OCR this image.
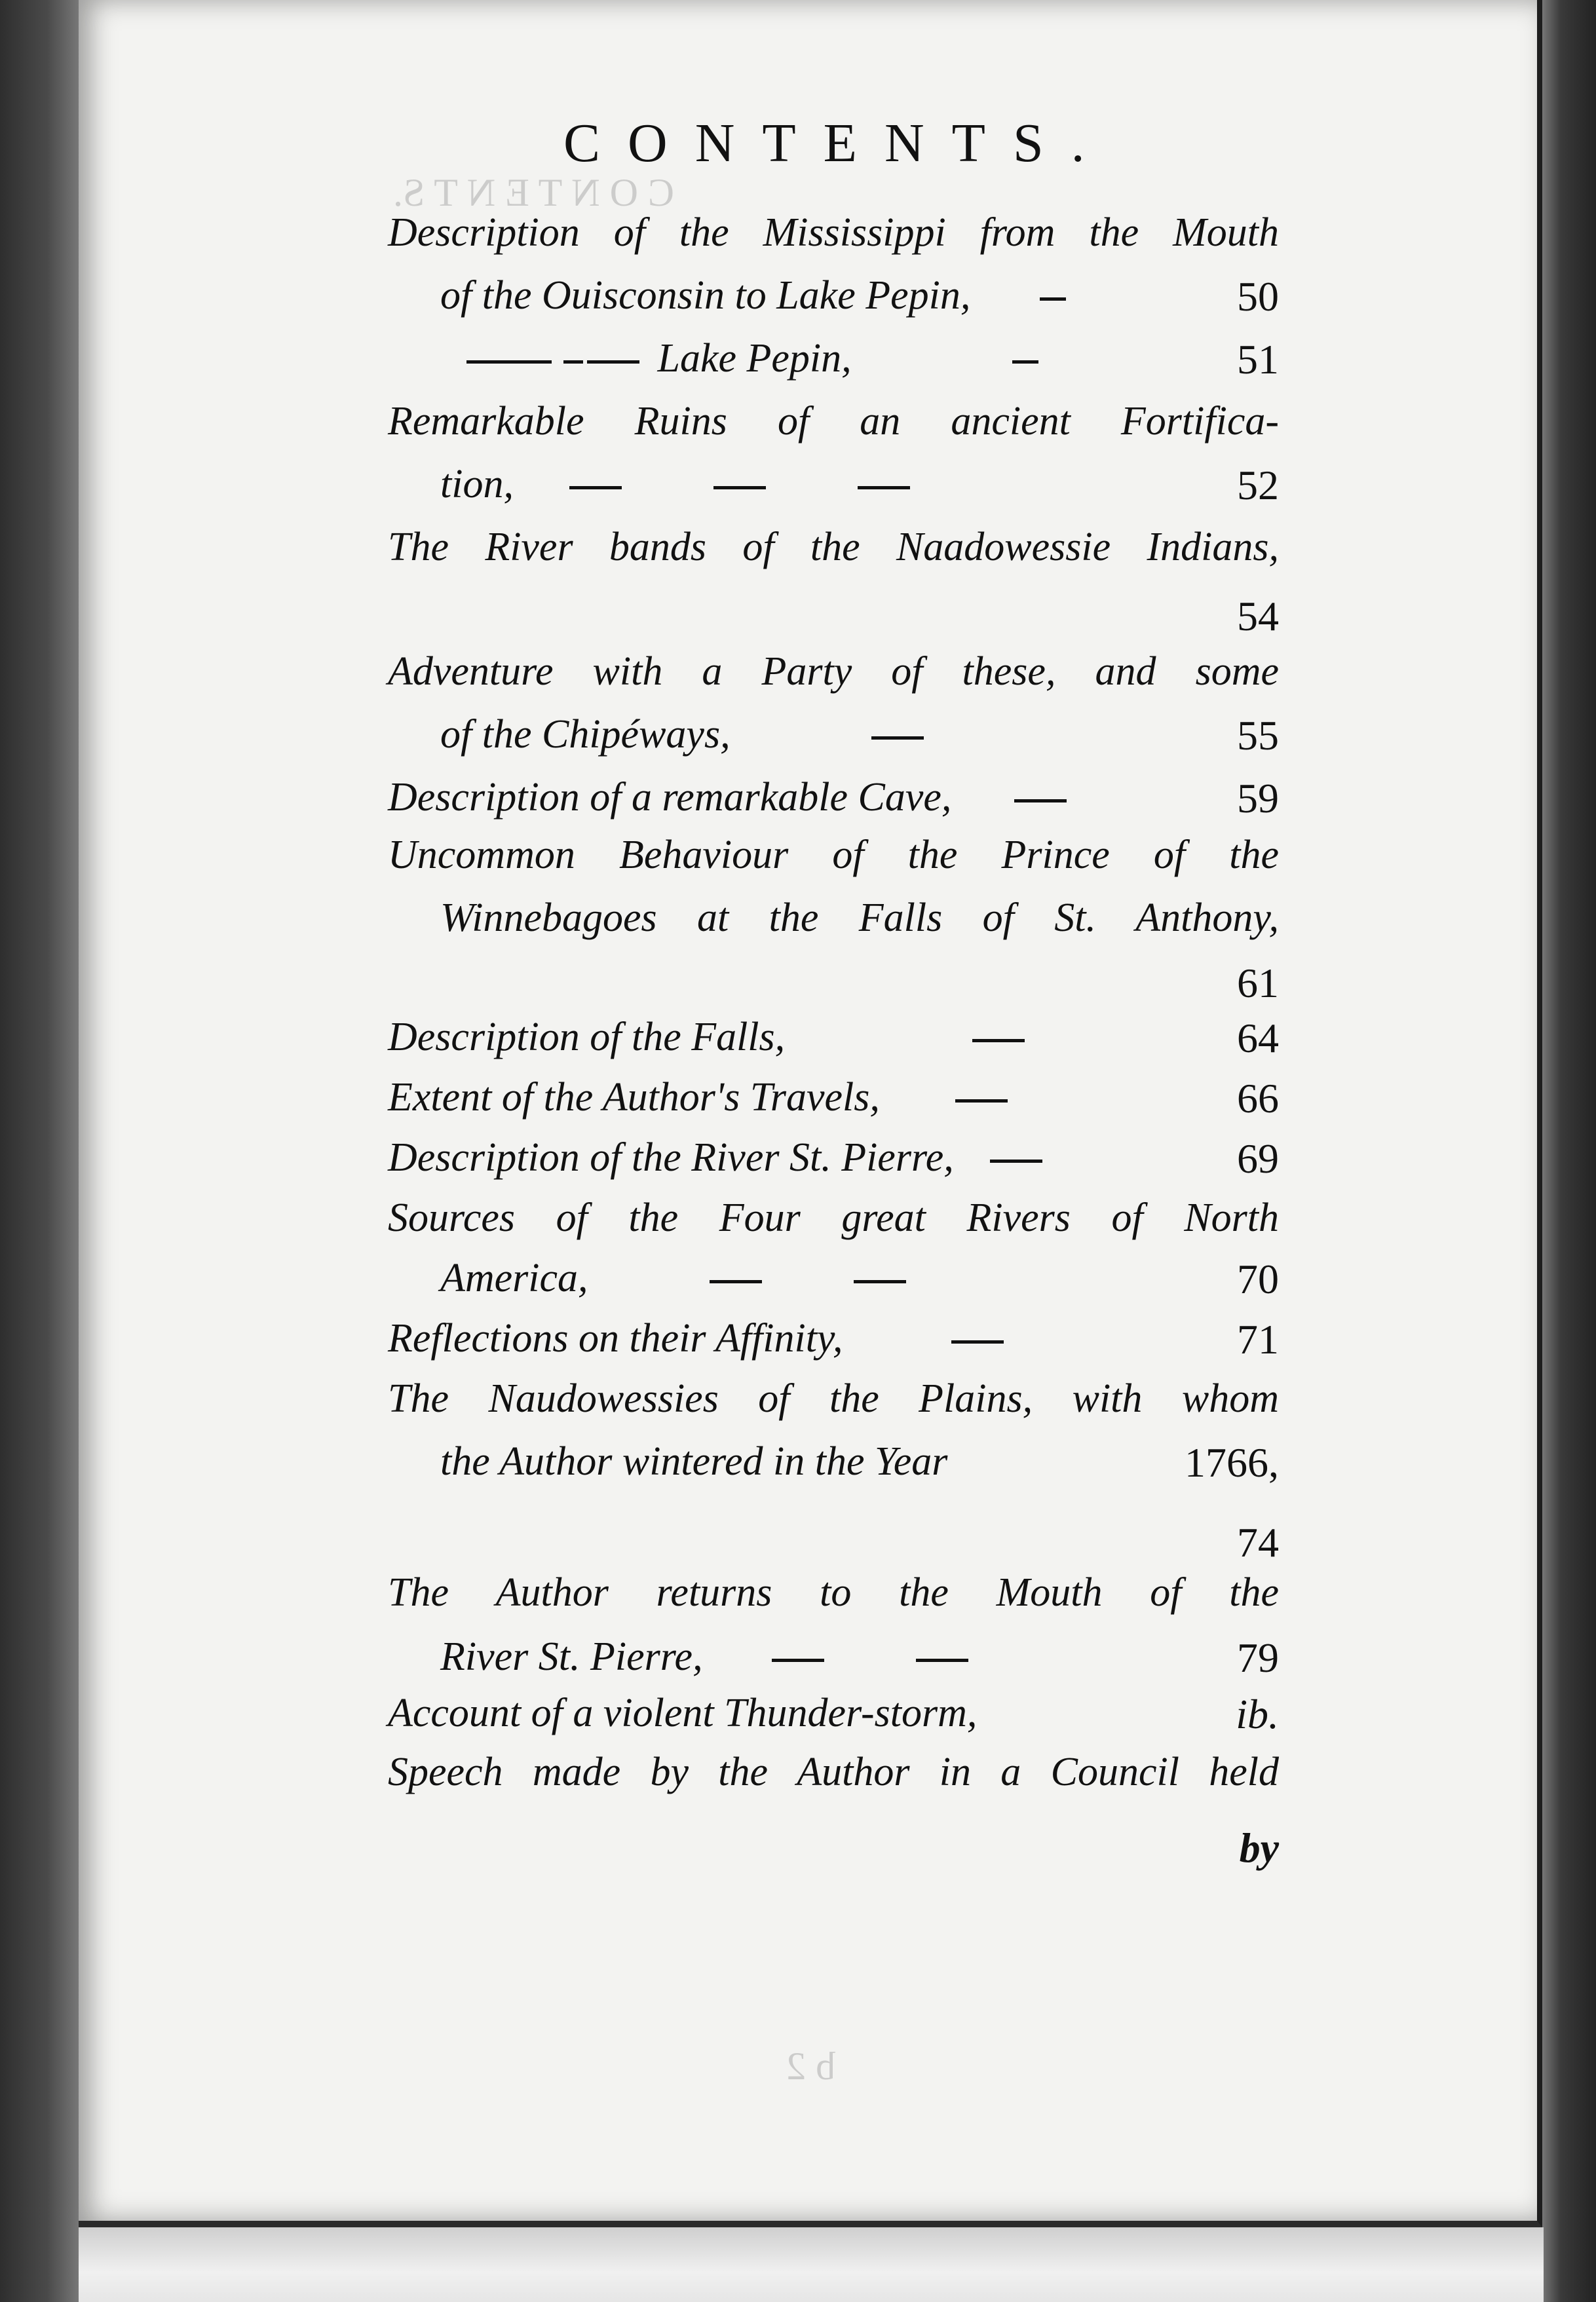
C O N T E N T S.
b 2
CONTENTS.
Description of the Mississippi from the Mouth
of the Ouisconsin to Lake Pepin,	50
Lake Pepin,	51
Remarkable Ruins of an ancient Fortifica-
tion,	52
The River bands of the Naadowessie Indians,
54
Adventure with a Party of these, and some
of the Chipéways,	55
Description of a remarkable Cave,	59
Uncommon Behaviour of the Prince of the
Winnebagoes at the Falls of St. Anthony,
61
Description of the Falls,	64
Extent of the Author's Travels,	66
Description of the River St. Pierre,	69
Sources of the Four great Rivers of North
America,	70
Reflections on their Affinity,	71
The Naudowessies of the Plains, with whom
the Author wintered in the Year	1766,
74
The Author returns to the Mouth of the
River St. Pierre,	79
Account of a violent Thunder-storm,	ib.
Speech made by the Author in a Council held
by
